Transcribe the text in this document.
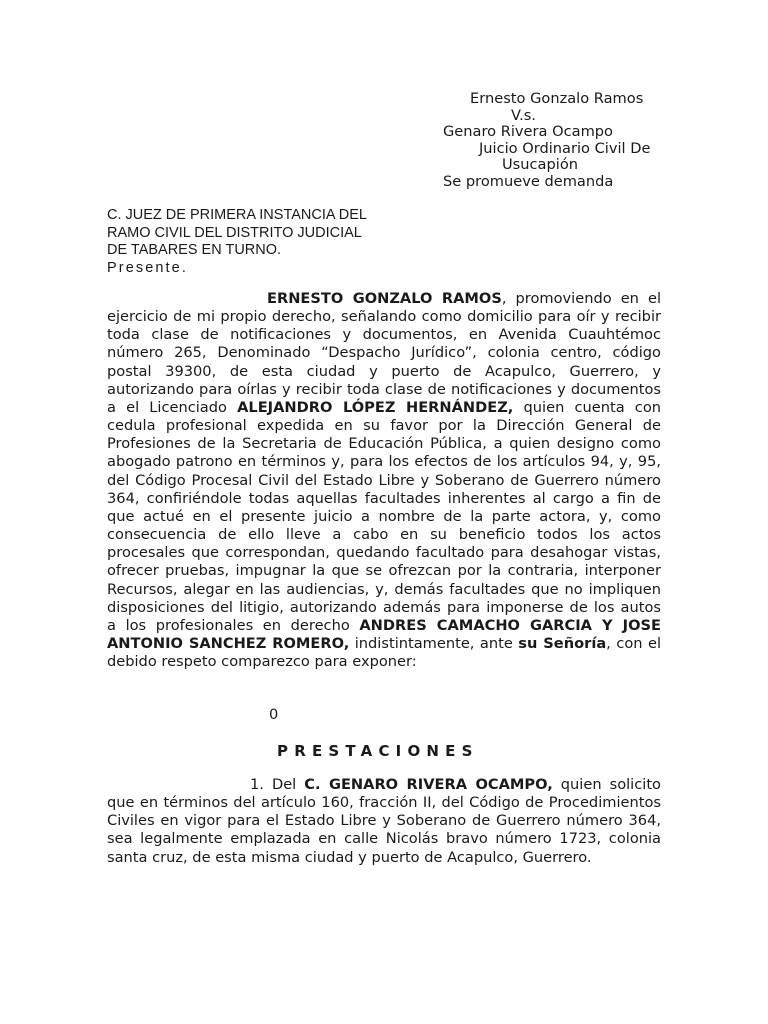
Ernesto Gonzalo Ramos
V.s.
Genaro Rivera Ocampo
Juicio Ordinario Civil De
Usucapión
Se promueve demanda
C. JUEZ DE PRIMERA INSTANCIA DEL
RAMO CIVIL DEL DISTRITO JUDICIAL
DE TABARES EN TURNO.
Presente.
ERNESTO GONZALO RAMOS, promoviendo en el ejercicio de mi propio derecho, señalando como domicilio para oír y recibir toda clase de notificaciones y documentos, en Avenida Cuauhtémoc número 265, Denominado “Despacho Jurídico”, colonia centro, código postal 39300, de esta ciudad y puerto de Acapulco, Guerrero, y autorizando para oírlas y recibir toda clase de notificaciones y documentos a el Licenciado ALEJANDRO LÓPEZ HERNÁNDEZ, quien cuenta con cedula profesional expedida en su favor por la Dirección General de Profesiones de la Secretaria de Educación Pública, a quien designo como abogado patrono en términos y, para los efectos de los artículos 94, y, 95, del Código Procesal Civil del Estado Libre y Soberano de Guerrero número 364, confiriéndole todas aquellas facultades inherentes al cargo a fin de que actué en el presente juicio a nombre de la parte actora, y, como consecuencia de ello lleve a cabo en su beneficio todos los actos procesales que correspondan, quedando facultado para desahogar vistas, ofrecer pruebas, impugnar la que se ofrezcan por la contraria, interponer Recursos, alegar en las audiencias, y, demás facultades que no impliquen disposiciones del litigio, autorizando además para imponerse de los autos a los profesionales en derecho ANDRES CAMACHO GARCIA Y JOSE ANTONIO SANCHEZ ROMERO, indistintamente, ante su Señoría, con el debido respeto comparezco para exponer:
0
PRESTACIONES
1. Del C. GENARO RIVERA OCAMPO, quien solicito que en términos del artículo 160, fracción II, del Código de Procedimientos Civiles en vigor para el Estado Libre y Soberano de Guerrero número 364, sea legalmente emplazada en calle Nicolás bravo número 1723, colonia santa cruz, de esta misma ciudad y puerto de Acapulco, Guerrero.
